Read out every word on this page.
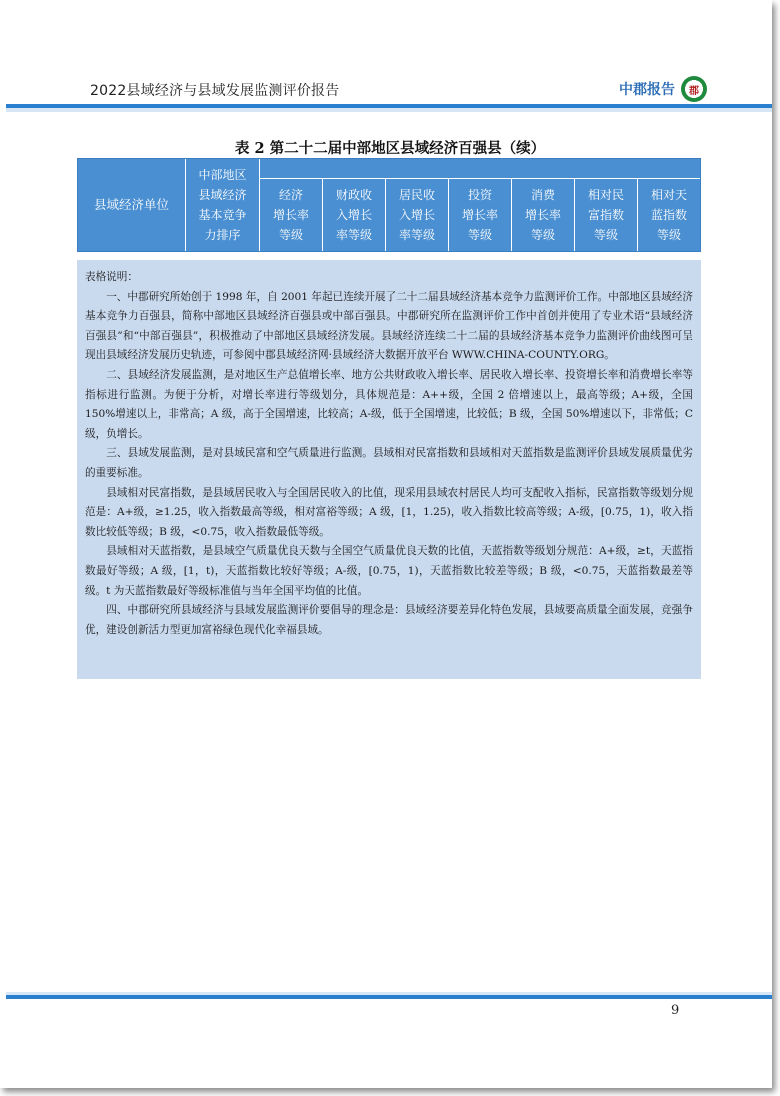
2022县域经济与县域发展监测评价报告	中郡报告 郡
表 2 第二十二届中部地区县域经济百强县（续）
县域经济单位
中部地区
县域经济
基本竞争
力排序
经济
增长率
等级
财政收
入增长
率等级
居民收
入增长
率等级
投资
增长率
等级
消费
增长率
等级
相对民
富指数
等级
相对天
蓝指数
等级

表格说明：

一、中郡研究所始创于 1998 年，自 2001 年起已连续开展了二十二届县域经济基本竞争力监测评价工作。中部地区县域经济基本竞争力百强县，简称中部地区县域经济百强县或中部百强县。中郡研究所在监测评价工作中首创并使用了专业术语“县域经济百强县”和“中部百强县”，积极推动了中部地区县域经济发展。县域经济连续二十二届的县域经济基本竞争力监测评价曲线图可呈现出县域经济发展历史轨迹，可参阅中郡县域经济网·县域经济大数据开放平台 WWW.CHINA-COUNTY.ORG。

二、县域经济发展监测，是对地区生产总值增长率、地方公共财政收入增长率、居民收入增长率、投资增长率和消费增长率等指标进行监测。为便于分析，对增长率进行等级划分，具体规范是：A++级，全国 2 倍增速以上，最高等级；A+级，全国 150%增速以上，非常高；A 级，高于全国增速，比较高；A-级，低于全国增速，比较低；B 级，全国 50%增速以下，非常低；C 级，负增长。

三、县域发展监测，是对县域民富和空气质量进行监测。县域相对民富指数和县域相对天蓝指数是监测评价县域发展质量优劣的重要标准。

县域相对民富指数，是县域居民收入与全国居民收入的比值，现采用县域农村居民人均可支配收入指标，民富指数等级划分规范是：A+级，≥1.25，收入指数最高等级，相对富裕等级；A 级，[1，1.25)，收入指数比较高等级；A-级，[0.75，1)，收入指数比较低等级；B 级，<0.75，收入指数最低等级。

县域相对天蓝指数，是县域空气质量优良天数与全国空气质量优良天数的比值，天蓝指数等级划分规范：A+级，≥t，天蓝指数最好等级；A 级，[1，t)，天蓝指数比较好等级；A-级，[0.75，1)，天蓝指数比较差等级；B 级，<0.75，天蓝指数最差等级。t 为天蓝指数最好等级标准值与当年全国平均值的比值。

四、中郡研究所县域经济与县域发展监测评价要倡导的理念是：县域经济要差异化特色发展，县域要高质量全面发展，竞强争优，建设创新活力型更加富裕绿色现代化幸福县域。

9
